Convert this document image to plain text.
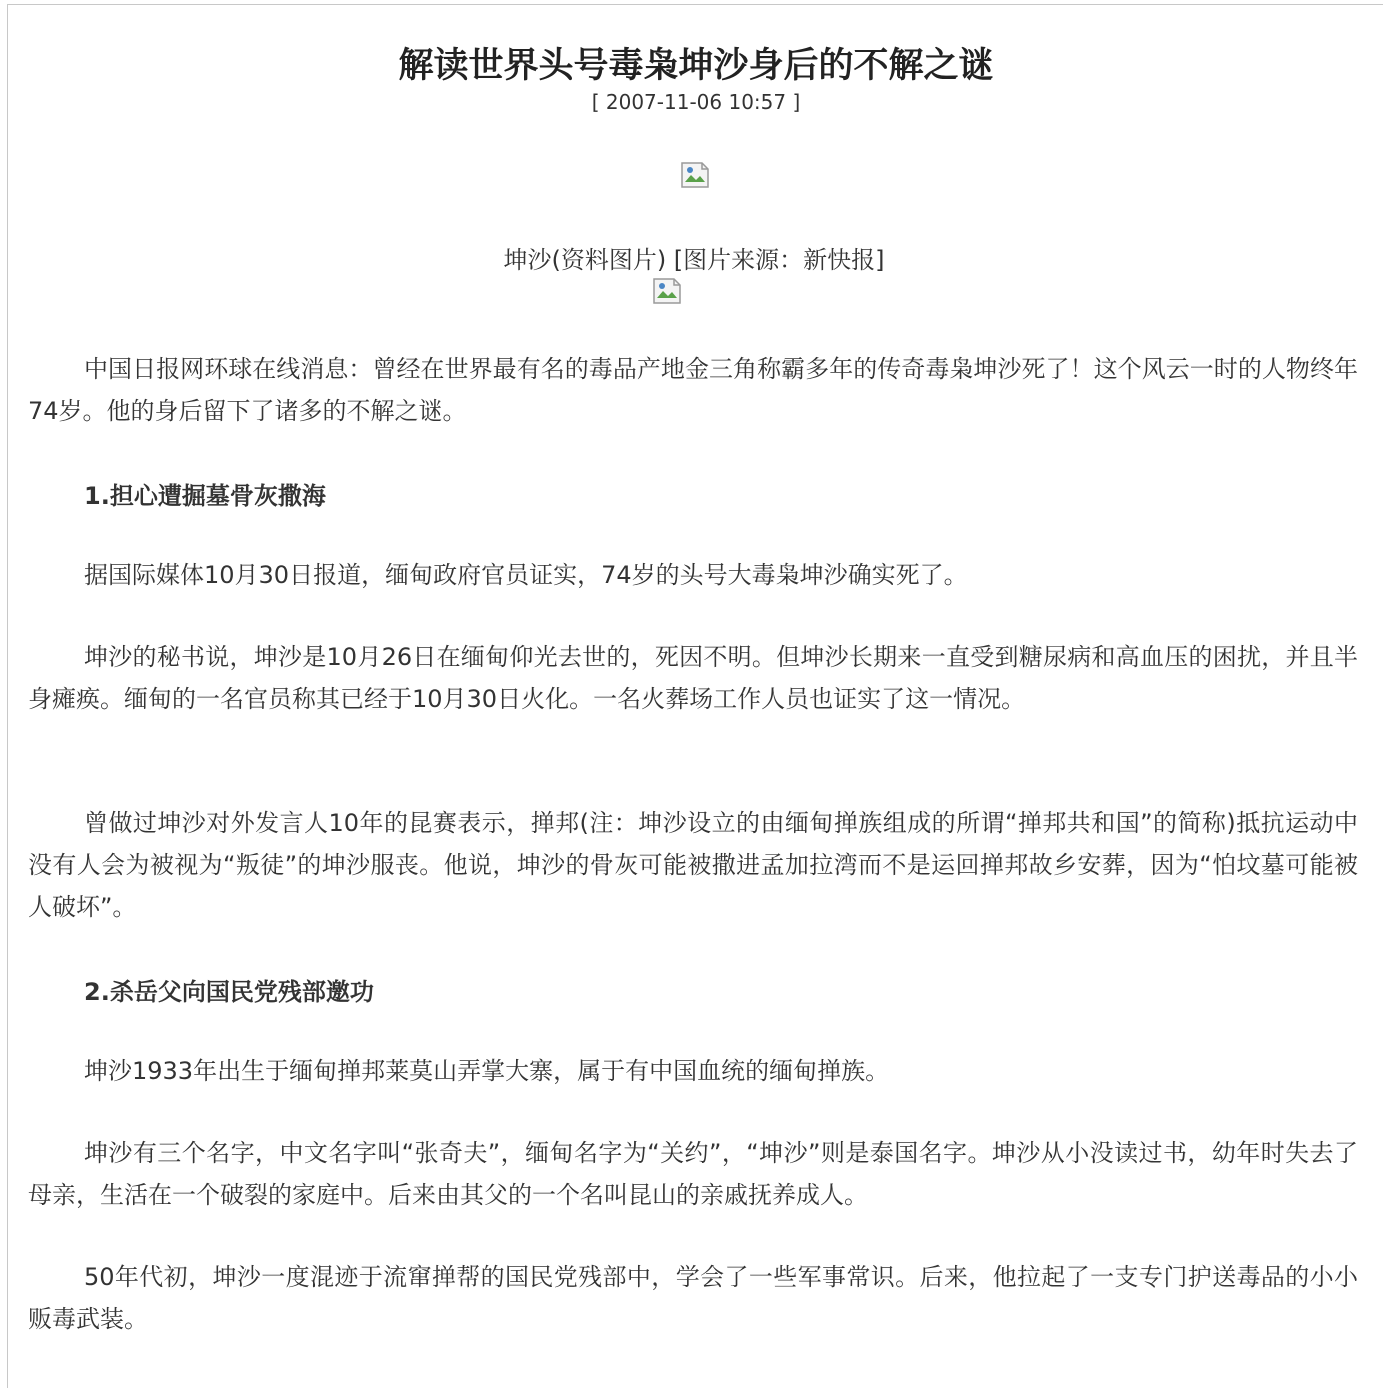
解读世界头号毒枭坤沙身后的不解之谜
[ 2007-11-06 10:57 ]
坤沙(资料图片) [图片来源：新快报]

中国日报网环球在线消息：曾经在世界最有名的毒品产地金三角称霸多年的传奇毒枭坤沙死了！这个风云一时的人物终年74岁。他的身后留下了诸多的不解之谜。

1.担心遭掘墓骨灰撒海

据国际媒体10月30日报道，缅甸政府官员证实，74岁的头号大毒枭坤沙确实死了。

坤沙的秘书说，坤沙是10月26日在缅甸仰光去世的，死因不明。但坤沙长期来一直受到糖尿病和高血压的困扰，并且半身瘫痪。缅甸的一名官员称其已经于10月30日火化。一名火葬场工作人员也证实了这一情况。

曾做过坤沙对外发言人10年的昆赛表示，掸邦(注：坤沙设立的由缅甸掸族组成的所谓“掸邦共和国”的简称)抵抗运动中没有人会为被视为“叛徒”的坤沙服丧。他说，坤沙的骨灰可能被撒进孟加拉湾而不是运回掸邦故乡安葬，因为“怕坟墓可能被人破坏”。

2.杀岳父向国民党残部邀功

坤沙1933年出生于缅甸掸邦莱莫山弄掌大寨，属于有中国血统的缅甸掸族。

坤沙有三个名字，中文名字叫“张奇夫”，缅甸名字为“关约”，“坤沙”则是泰国名字。坤沙从小没读过书，幼年时失去了母亲，生活在一个破裂的家庭中。后来由其父的一个名叫昆山的亲戚抚养成人。

50年代初，坤沙一度混迹于流窜掸帮的国民党残部中，学会了一些军事常识。后来，他拉起了一支专门护送毒品的小小贩毒武装。
